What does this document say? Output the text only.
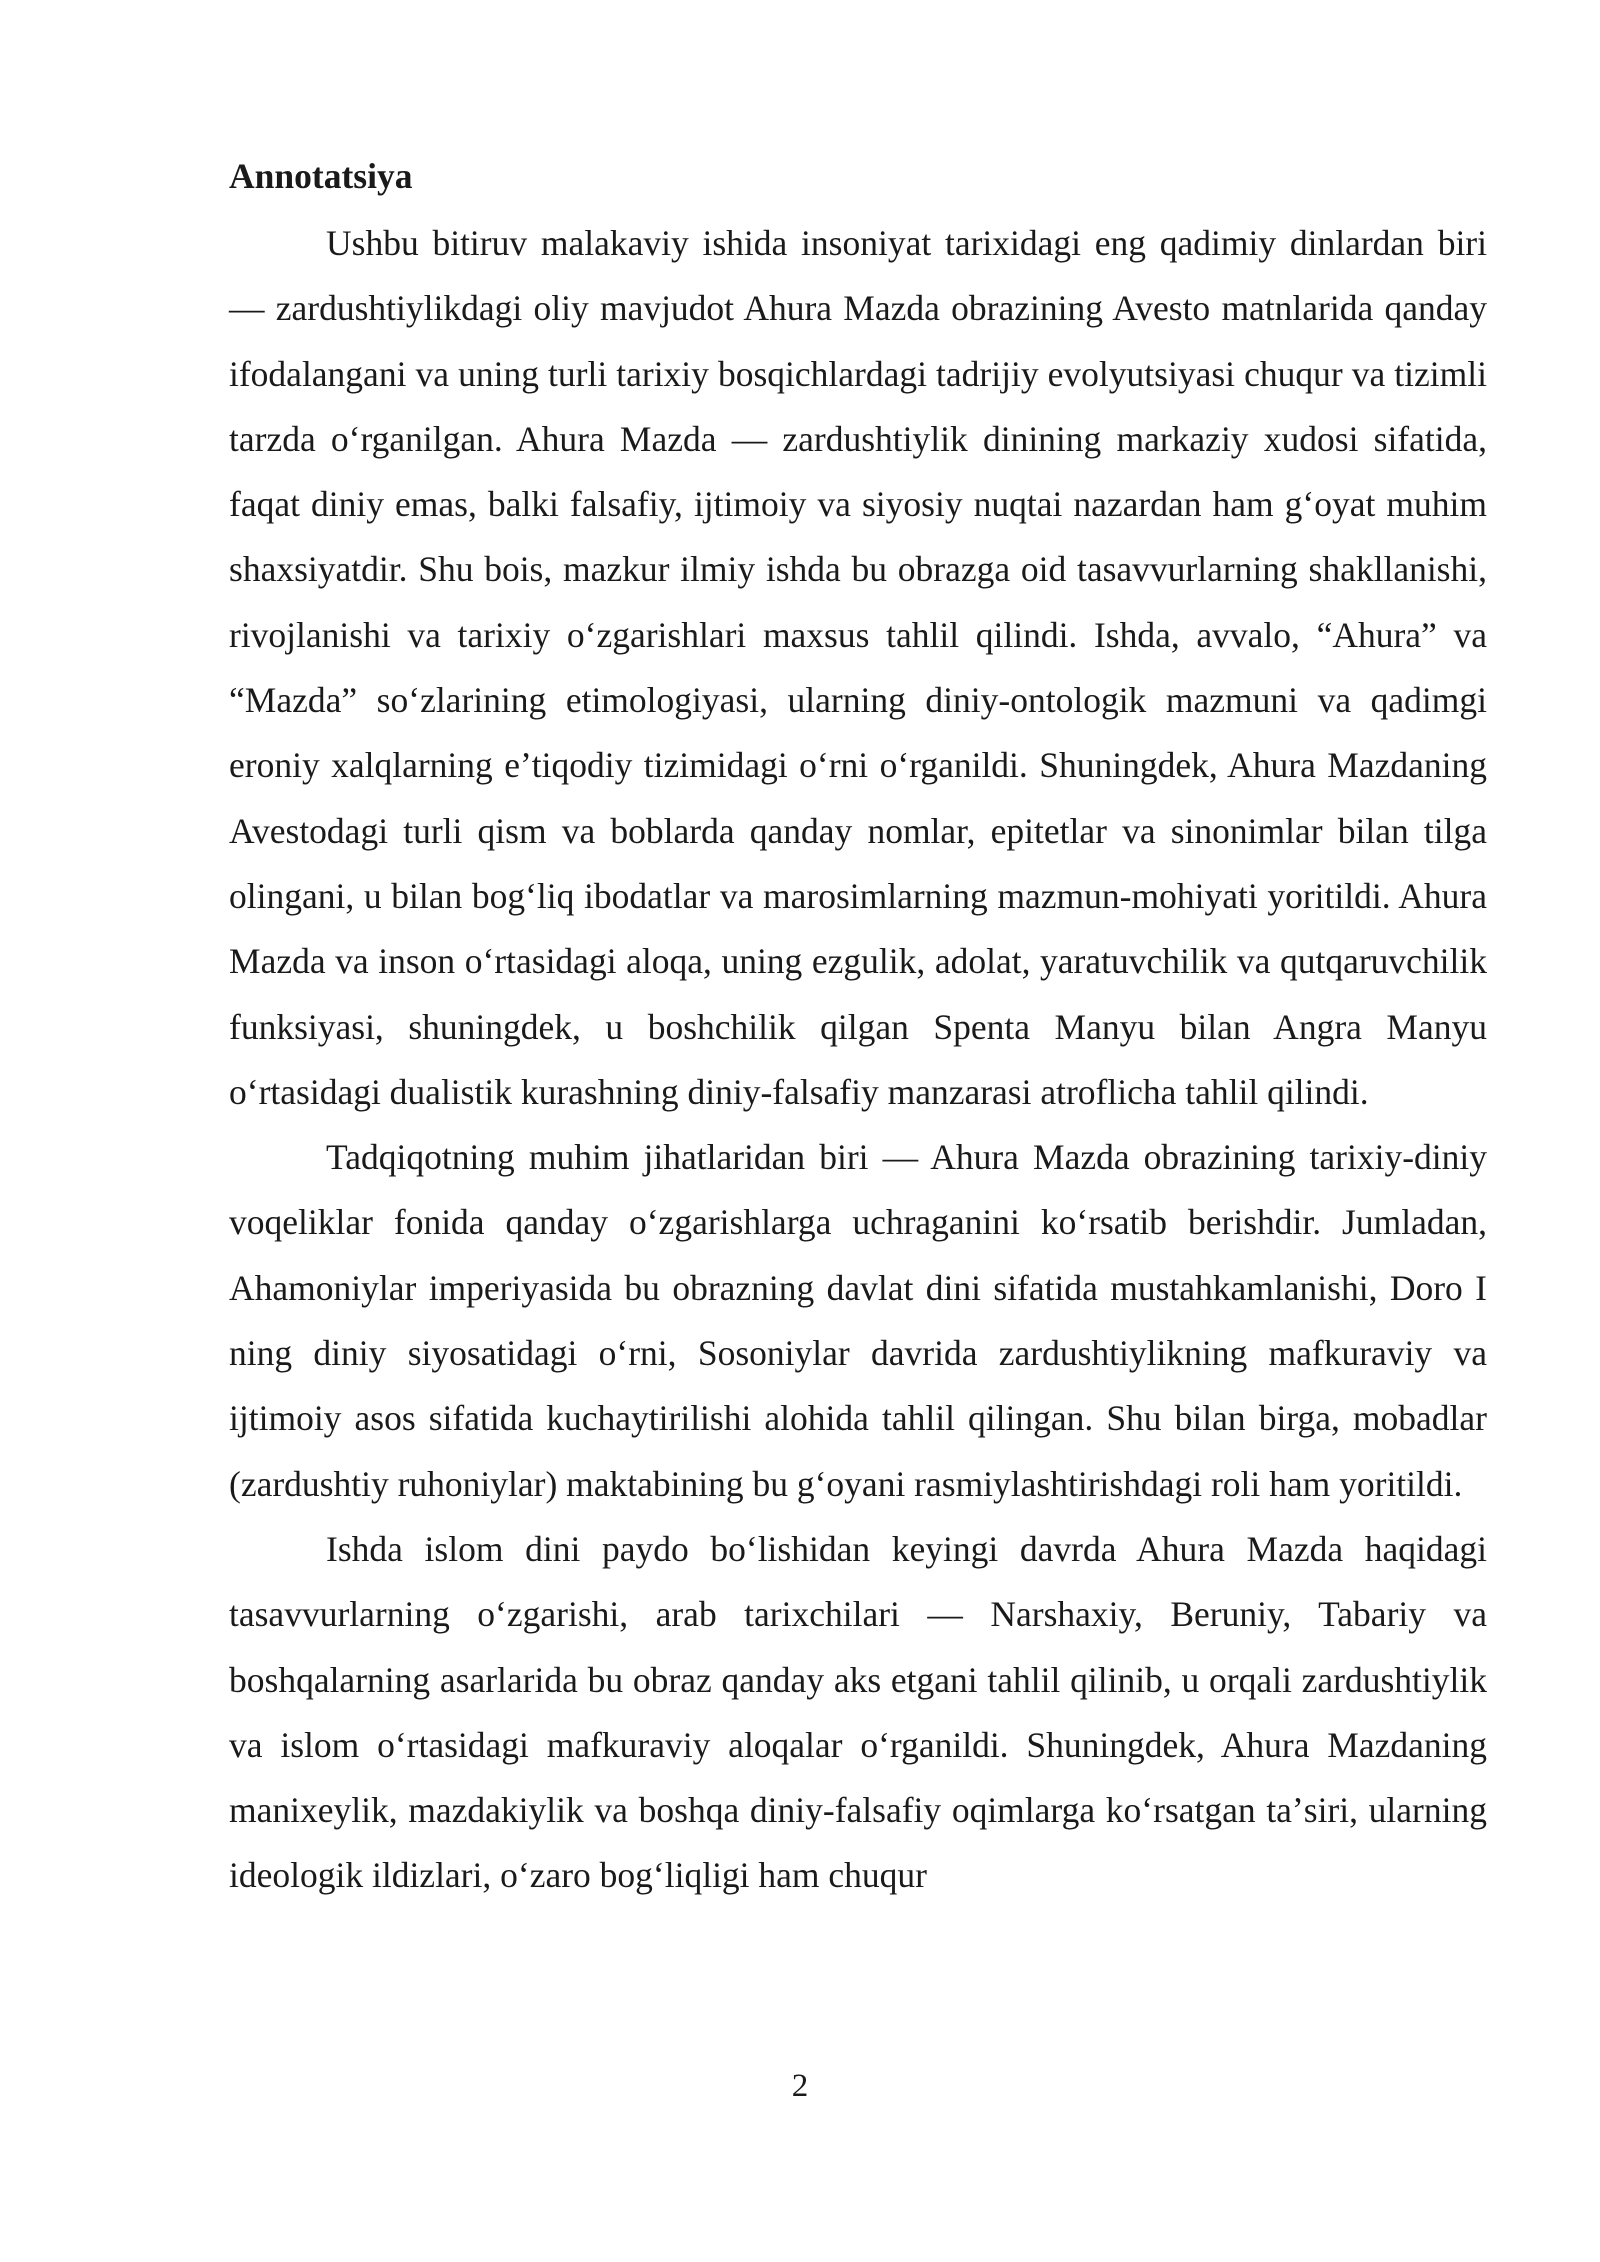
Annotatsiya

Ushbu bitiruv malakaviy ishida insoniyat tarixidagi eng qadimiy dinlardan biri — zardushtiylikdagi oliy mavjudot Ahura Mazda obrazining Avesto matnlarida qanday ifodalangani va uning turli tarixiy bosqichlardagi tadrijiy evolyutsiyasi chuqur va tizimli tarzda oʻrganilgan. Ahura Mazda — zardushtiylik dinining markaziy xudosi sifatida, faqat diniy emas, balki falsafiy, ijtimoiy va siyosiy nuqtai nazardan ham gʻoyat muhim shaxsiyatdir. Shu bois, mazkur ilmiy ishda bu obrazga oid tasavvurlarning shakllanishi, rivojlanishi va tarixiy oʻzgarishlari maxsus tahlil qilindi. Ishda, avvalo, “Ahura” va “Mazda” soʻzlarining etimologiyasi, ularning diniy-ontologik mazmuni va qadimgi eroniy xalqlarning eʼtiqodiy tizimidagi oʻrni oʻrganildi. Shuningdek, Ahura Mazdaning Avestodagi turli qism va boblarda qanday nomlar, epitetlar va sinonimlar bilan tilga olingani, u bilan bogʻliq ibodatlar va marosimlarning mazmun-mohiyati yoritildi. Ahura Mazda va inson oʻrtasidagi aloqa, uning ezgulik, adolat, yaratuvchilik va qutqaruvchilik funksiyasi, shuningdek, u boshchilik qilgan Spenta Manyu bilan Angra Manyu oʻrtasidagi dualistik kurashning diniy-falsafiy manzarasi atroflicha tahlil qilindi.

Tadqiqotning muhim jihatlaridan biri — Ahura Mazda obrazining tarixiy-diniy voqeliklar fonida qanday oʻzgarishlarga uchraganini koʻrsatib berishdir. Jumladan, Ahamoniylar imperiyasida bu obrazning davlat dini sifatida mustahkamlanishi, Doro I ning diniy siyosatidagi oʻrni, Sosoniylar davrida zardushtiylikning mafkuraviy va ijtimoiy asos sifatida kuchaytirilishi alohida tahlil qilingan. Shu bilan birga, mobadlar (zardushtiy ruhoniylar) maktabining bu gʻoyani rasmiylashtirishdagi roli ham yoritildi.

Ishda islom dini paydo boʻlishidan keyingi davrda Ahura Mazda haqidagi tasavvurlarning oʻzgarishi, arab tarixchilari — Narshaxiy, Beruniy, Tabariy va boshqalarning asarlarida bu obraz qanday aks etgani tahlil qilinib, u orqali zardushtiylik va islom oʻrtasidagi mafkuraviy aloqalar oʻrganildi. Shuningdek, Ahura Mazdaning manixeylik, mazdakiylik va boshqa diniy-falsafiy oqimlarga koʻrsatgan taʼsiri, ularning ideologik ildizlari, oʻzaro bogʻliqligi ham chuqur

2
